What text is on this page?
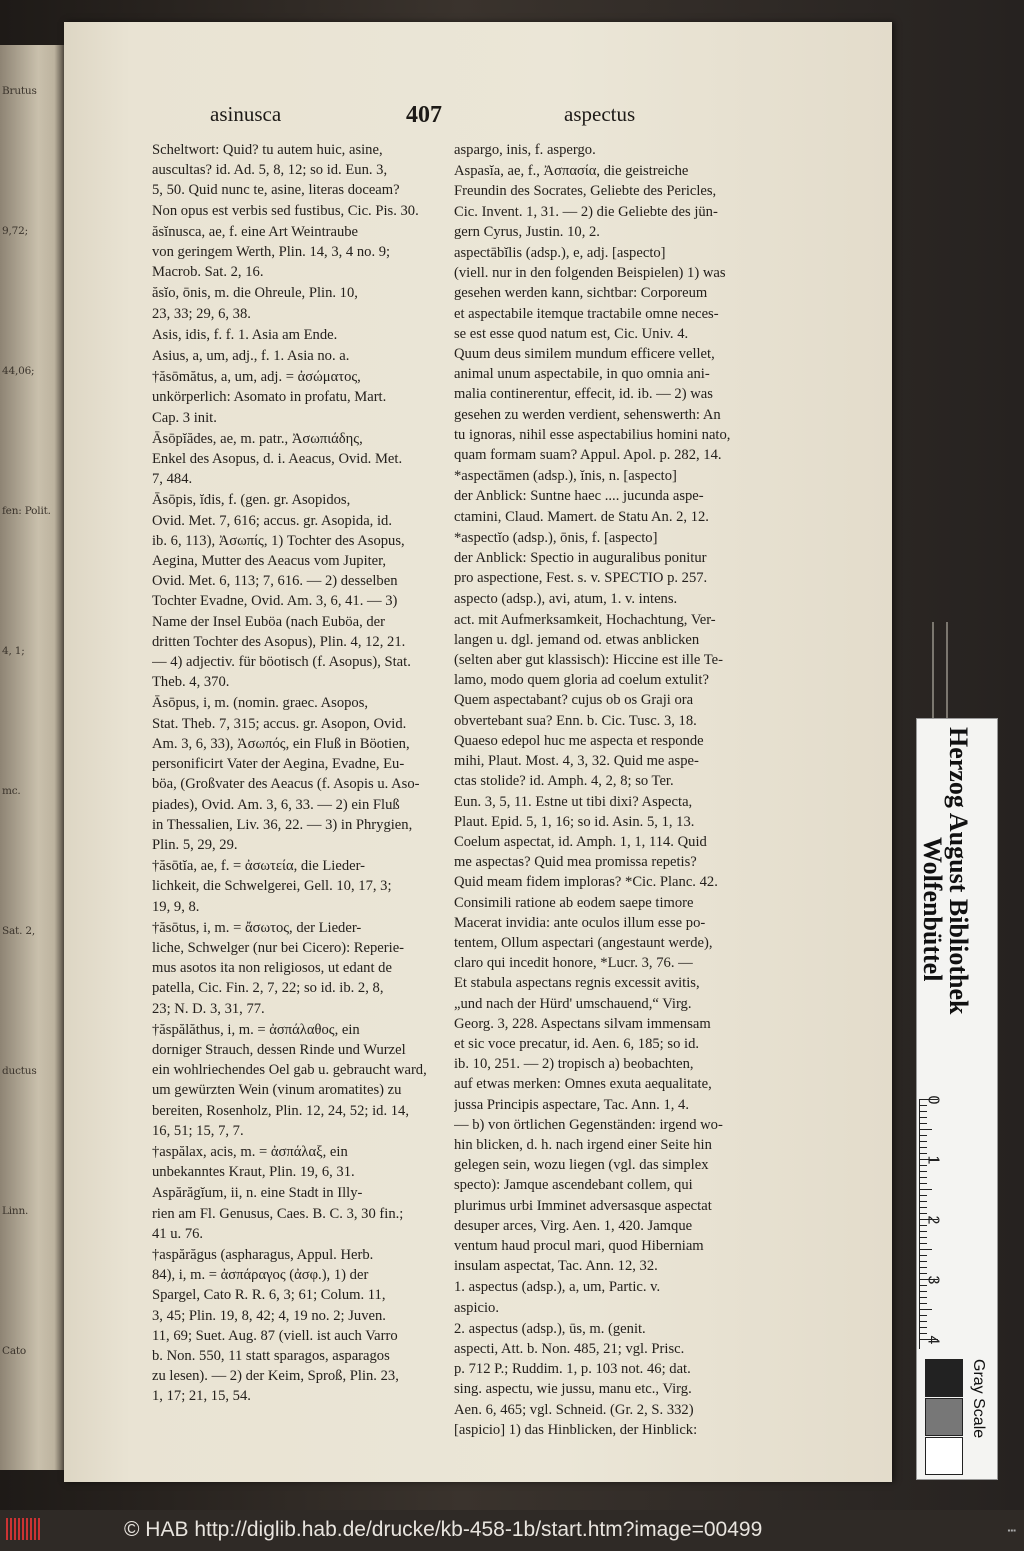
Brutus
9,72;
44,06;
fen: Polit.
4, 1;
mc.
Sat. 2,
ductus
Linn.
Cato
asinusca	407	aspectus
Scheltwort: Quid? tu autem huic, asine,
auscultas? id. Ad. 5, 8, 12; so id. Eun. 3,
5, 50. Quid nunc te, asine, literas doceam?
Non opus est verbis sed fustibus, Cic. Pis. 30.
ăsĭnusca, ae, f. eine Art Weintraube
von geringem Werth, Plin. 14, 3, 4 no. 9;
Macrob. Sat. 2, 16.
ăsĭo, ōnis, m. die Ohreule, Plin. 10,
23, 33; 29, 6, 38.
Asis, idis, f. f. 1. Asia am Ende.
Asius, a, um, adj., f. 1. Asia no. a.
†ăsōmătus, a, um, adj. = ἀσώματος,
unkörperlich: Asomato in profatu, Mart.
Cap. 3 init.
Āsōpĭădes, ae, m. patr., Ἀσωπιάδης,
Enkel des Asopus, d. i. Aeacus, Ovid. Met.
7, 484.
Āsōpis, ĭdis, f. (gen. gr. Asopidos,
Ovid. Met. 7, 616; accus. gr. Asopida, id.
ib. 6, 113), Ἀσωπίς, 1) Tochter des Asopus,
Aegina, Mutter des Aeacus vom Jupiter,
Ovid. Met. 6, 113; 7, 616. — 2) desselben
Tochter Evadne, Ovid. Am. 3, 6, 41. — 3)
Name der Insel Euböa (nach Euböa, der
dritten Tochter des Asopus), Plin. 4, 12, 21.
— 4) adjectiv. für böotisch (f. Asopus), Stat.
Theb. 4, 370.
Āsōpus, i, m. (nomin. graec. Asopos,
Stat. Theb. 7, 315; accus. gr. Asopon, Ovid.
Am. 3, 6, 33), Ἀσωπός, ein Fluß in Böotien,
personificirt Vater der Aegina, Evadne, Eu-
böa, (Großvater des Aeacus (f. Asopis u. Aso-
piades), Ovid. Am. 3, 6, 33. — 2) ein Fluß
in Thessalien, Liv. 36, 22. — 3) in Phrygien,
Plin. 5, 29, 29.
†ăsōtĭa, ae, f. = ἀσωτεία, die Lieder-
lichkeit, die Schwelgerei, Gell. 10, 17, 3;
19, 9, 8.
†ăsōtus, i, m. = ἄσωτος, der Lieder-
liche, Schwelger (nur bei Cicero): Reperie-
mus asotos ita non religiosos, ut edant de
patella, Cic. Fin. 2, 7, 22; so id. ib. 2, 8,
23; N. D. 3, 31, 77.
†ăspălăthus, i, m. = ἀσπάλαθος, ein
dorniger Strauch, dessen Rinde und Wurzel
ein wohlriechendes Oel gab u. gebraucht ward,
um gewürzten Wein (vinum aromatites) zu
bereiten, Rosenholz, Plin. 12, 24, 52; id. 14,
16, 51; 15, 7, 7.
†aspălax, acis, m. = ἀσπάλαξ, ein
unbekanntes Kraut, Plin. 19, 6, 31.
Aspărăgĭum, ii, n. eine Stadt in Illy-
rien am Fl. Genusus, Caes. B. C. 3, 30 fin.;
41 u. 76.
†aspărăgus (aspharagus, Appul. Herb.
84), i, m. = ἀσπάραγος (ἀσφ.), 1) der
Spargel, Cato R. R. 6, 3; 61; Colum. 11,
3, 45; Plin. 19, 8, 42; 4, 19 no. 2; Juven.
11, 69; Suet. Aug. 87 (viell. ist auch Varro
b. Non. 550, 11 statt sparagos, asparagos
zu lesen). — 2) der Keim, Sproß, Plin. 23,
1, 17; 21, 15, 54.
aspargo, inis, f. aspergo.
Aspasĭa, ae, f., Ἀσπασία, die geistreiche
Freundin des Socrates, Geliebte des Pericles,
Cic. Invent. 1, 31. — 2) die Geliebte des jün-
gern Cyrus, Justin. 10, 2.
aspectābĭlis (adsp.), e, adj. [aspecto]
(viell. nur in den folgenden Beispielen) 1) was
gesehen werden kann, sichtbar: Corporeum
et aspectabile itemque tractabile omne neces-
se est esse quod natum est, Cic. Univ. 4.
Quum deus similem mundum efficere vellet,
animal unum aspectabile, in quo omnia ani-
malia continerentur, effecit, id. ib. — 2) was
gesehen zu werden verdient, sehenswerth: An
tu ignoras, nihil esse aspectabilius homini nato,
quam formam suam? Appul. Apol. p. 282, 14.
*aspectāmen (adsp.), ĭnis, n. [aspecto]
der Anblick: Suntne haec .... jucunda aspe-
ctamini, Claud. Mamert. de Statu An. 2, 12.
*aspectĭo (adsp.), ōnis, f. [aspecto]
der Anblick: Spectio in auguralibus ponitur
pro aspectione, Fest. s. v. SPECTIO p. 257.
aspecto (adsp.), avi, atum, 1. v. intens.
act. mit Aufmerksamkeit, Hochachtung, Ver-
langen u. dgl. jemand od. etwas anblicken
(selten aber gut klassisch): Hiccine est ille Te-
lamo, modo quem gloria ad coelum extulit?
Quem aspectabant? cujus ob os Graji ora
obvertebant sua? Enn. b. Cic. Tusc. 3, 18.
Quaeso edepol huc me aspecta et responde
mihi, Plaut. Most. 4, 3, 32. Quid me aspe-
ctas stolide? id. Amph. 4, 2, 8; so Ter.
Eun. 3, 5, 11. Estne ut tibi dixi? Aspecta,
Plaut. Epid. 5, 1, 16; so id. Asin. 5, 1, 13.
Coelum aspectat, id. Amph. 1, 1, 114. Quid
me aspectas? Quid mea promissa repetis?
Quid meam fidem imploras? *Cic. Planc. 42.
Consimili ratione ab eodem saepe timore
Macerat invidia: ante oculos illum esse po-
tentem, Ollum aspectari (angestaunt werde),
claro qui incedit honore, *Lucr. 3, 76. —
Et stabula aspectans regnis excessit avitis,
„und nach der Hürd' umschauend,“ Virg.
Georg. 3, 228. Aspectans silvam immensam
et sic voce precatur, id. Aen. 6, 185; so id.
ib. 10, 251. — 2) tropisch a) beobachten,
auf etwas merken: Omnes exuta aequalitate,
jussa Principis aspectare, Tac. Ann. 1, 4.
— b) von örtlichen Gegenständen: irgend wo-
hin blicken, d. h. nach irgend einer Seite hin
gelegen sein, wozu liegen (vgl. das simplex
specto): Jamque ascendebant collem, qui
plurimus urbi Imminet adversasque aspectat
desuper arces, Virg. Aen. 1, 420. Jamque
ventum haud procul mari, quod Hiberniam
insulam aspectat, Tac. Ann. 12, 32.
1. aspectus (adsp.), a, um, Partic. v.
aspicio.
2. aspectus (adsp.), ūs, m. (genit.
aspecti, Att. b. Non. 485, 21; vgl. Prisc.
p. 712 P.; Ruddim. 1, p. 103 not. 46; dat.
sing. aspectu, wie jussu, manu etc., Virg.
Aen. 6, 465; vgl. Schneid. (Gr. 2, S. 332)
[aspicio] 1) das Hinblicken, der Hinblick:
Herzog August Bibliothek
Wolfenbüttel
0
1
2
3
4
Gray Scale
© HAB http://diglib.hab.de/drucke/kb-458-1b/start.htm?image=00499	▪▪▪
